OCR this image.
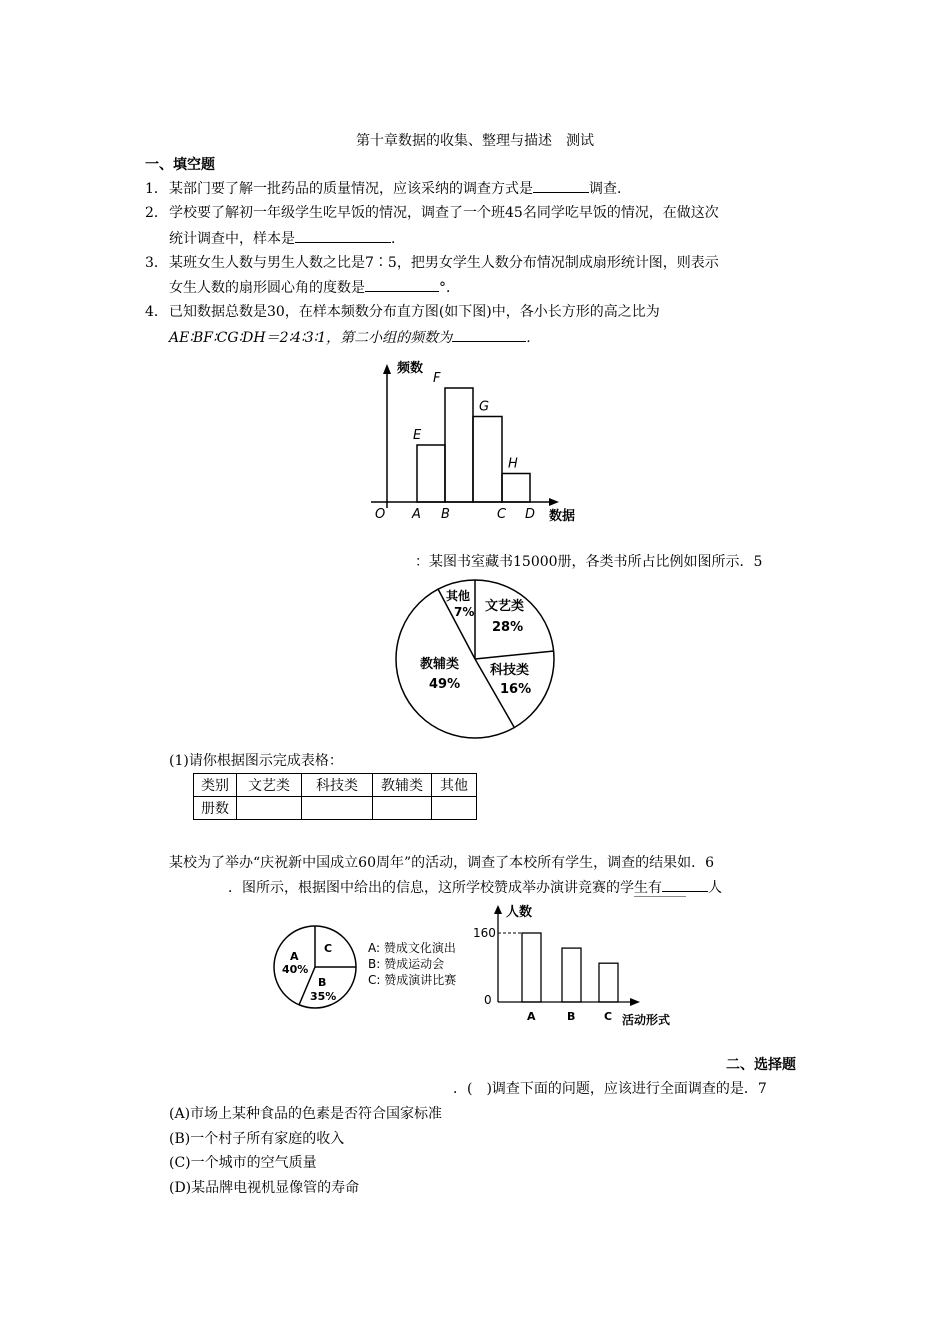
第十章数据的收集、整理与描述　测试
一、填空题
1．某部门要了解一批药品的质量情况，应该采纳的调查方式是	调查．
2．学校要了解初一年级学生吃早饭的情况，调查了一个班45名同学吃早饭的情况，在做这次
统计调查中，样本是	．
3．某班女生人数与男生人数之比是7∶5，把男女学生人数分布情况制成扇形统计图，则表示
女生人数的扇形圆心角的度数是	°．
4．已知数据总数是30，在样本频数分布直方图(如下图)中，各小长方形的高之比为
AE∶BF∶CG∶DH＝2∶4∶3∶1，第二小组的频数为	．
频数
数据
O
E
F
G
H
A B	C D
：某图书室藏书15000册，各类书所占比例如图所示．5
其他
7% 文艺类
28%
科技类
16%
教辅类
49%
(1)请你根据图示完成表格：
类别	文艺类	科技类	教辅类	其他
册数				
某校为了举办“庆祝新中国成立60周年”的活动，调查了本校所有学生，调查的结果如．6
．图所示，根据图中给出的信息，这所学校赞成举办演讲竞赛的学生有	人
C
A
40%
B
35%
A: 赞成文化演出
B: 赞成运动会
C: 赞成演讲比赛
人数
活动形式
160
0
A	B	C
二、选择题
．(　)调查下面的问题，应该进行全面调查的是．7
(A)市场上某种食品的色素是否符合国家标准
(B)一个村子所有家庭的收入
(C)一个城市的空气质量
(D)某品牌电视机显像管的寿命
